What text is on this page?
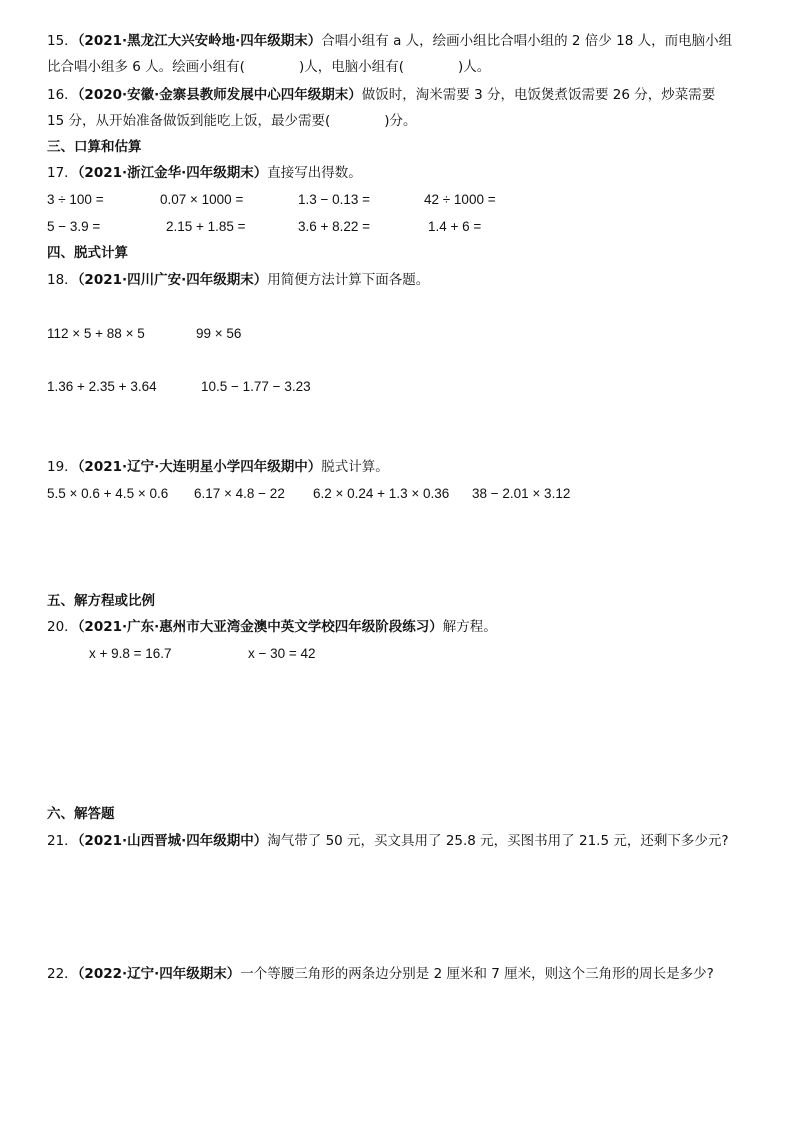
15．（2021·黑龙江大兴安岭地·四年级期末）合唱小组有 a 人，绘画小组比合唱小组的 2 倍少 18 人，而电脑小组
比合唱小组多 6 人。绘画小组有(　　　　)人，电脑小组有(　　　　)人。
16．（2020·安徽·金寨县教师发展中心四年级期末）做饭时，淘米需要 3 分，电饭煲煮饭需要 26 分，炒菜需要
15 分，从开始准备做饭到能吃上饭，最少需要(　　　　)分。
三、口算和估算
17．（2021·浙江金华·四年级期末）直接写出得数。
3 ÷ 100 =	0.07 × 1000 =	1.3 − 0.13 =	42 ÷ 1000 =
5 − 3.9 =	2.15 + 1.85 =	3.6 + 8.22 =	1.4 + 6 =
四、脱式计算
18．（2021·四川广安·四年级期末）用简便方法计算下面各题。
112 × 5 + 88 × 5	99 × 56
1.36 + 2.35 + 3.64	10.5 − 1.77 − 3.23
19．（2021·辽宁·大连明星小学四年级期中）脱式计算。
5.5 × 0.6 + 4.5 × 0.6 6.17 × 4.8 − 22 6.2 × 0.24 + 1.3 × 0.36 38 − 2.01 × 3.12
五、解方程或比例
20．（2021·广东·惠州市大亚湾金澳中英文学校四年级阶段练习）解方程。
x + 9.8 = 16.7	x − 30 = 42
六、解答题
21．（2021·山西晋城·四年级期中）淘气带了 50 元，买文具用了 25.8 元，买图书用了 21.5 元，还剩下多少元?
22．（2022·辽宁·四年级期末）一个等腰三角形的两条边分别是 2 厘米和 7 厘米，则这个三角形的周长是多少?
